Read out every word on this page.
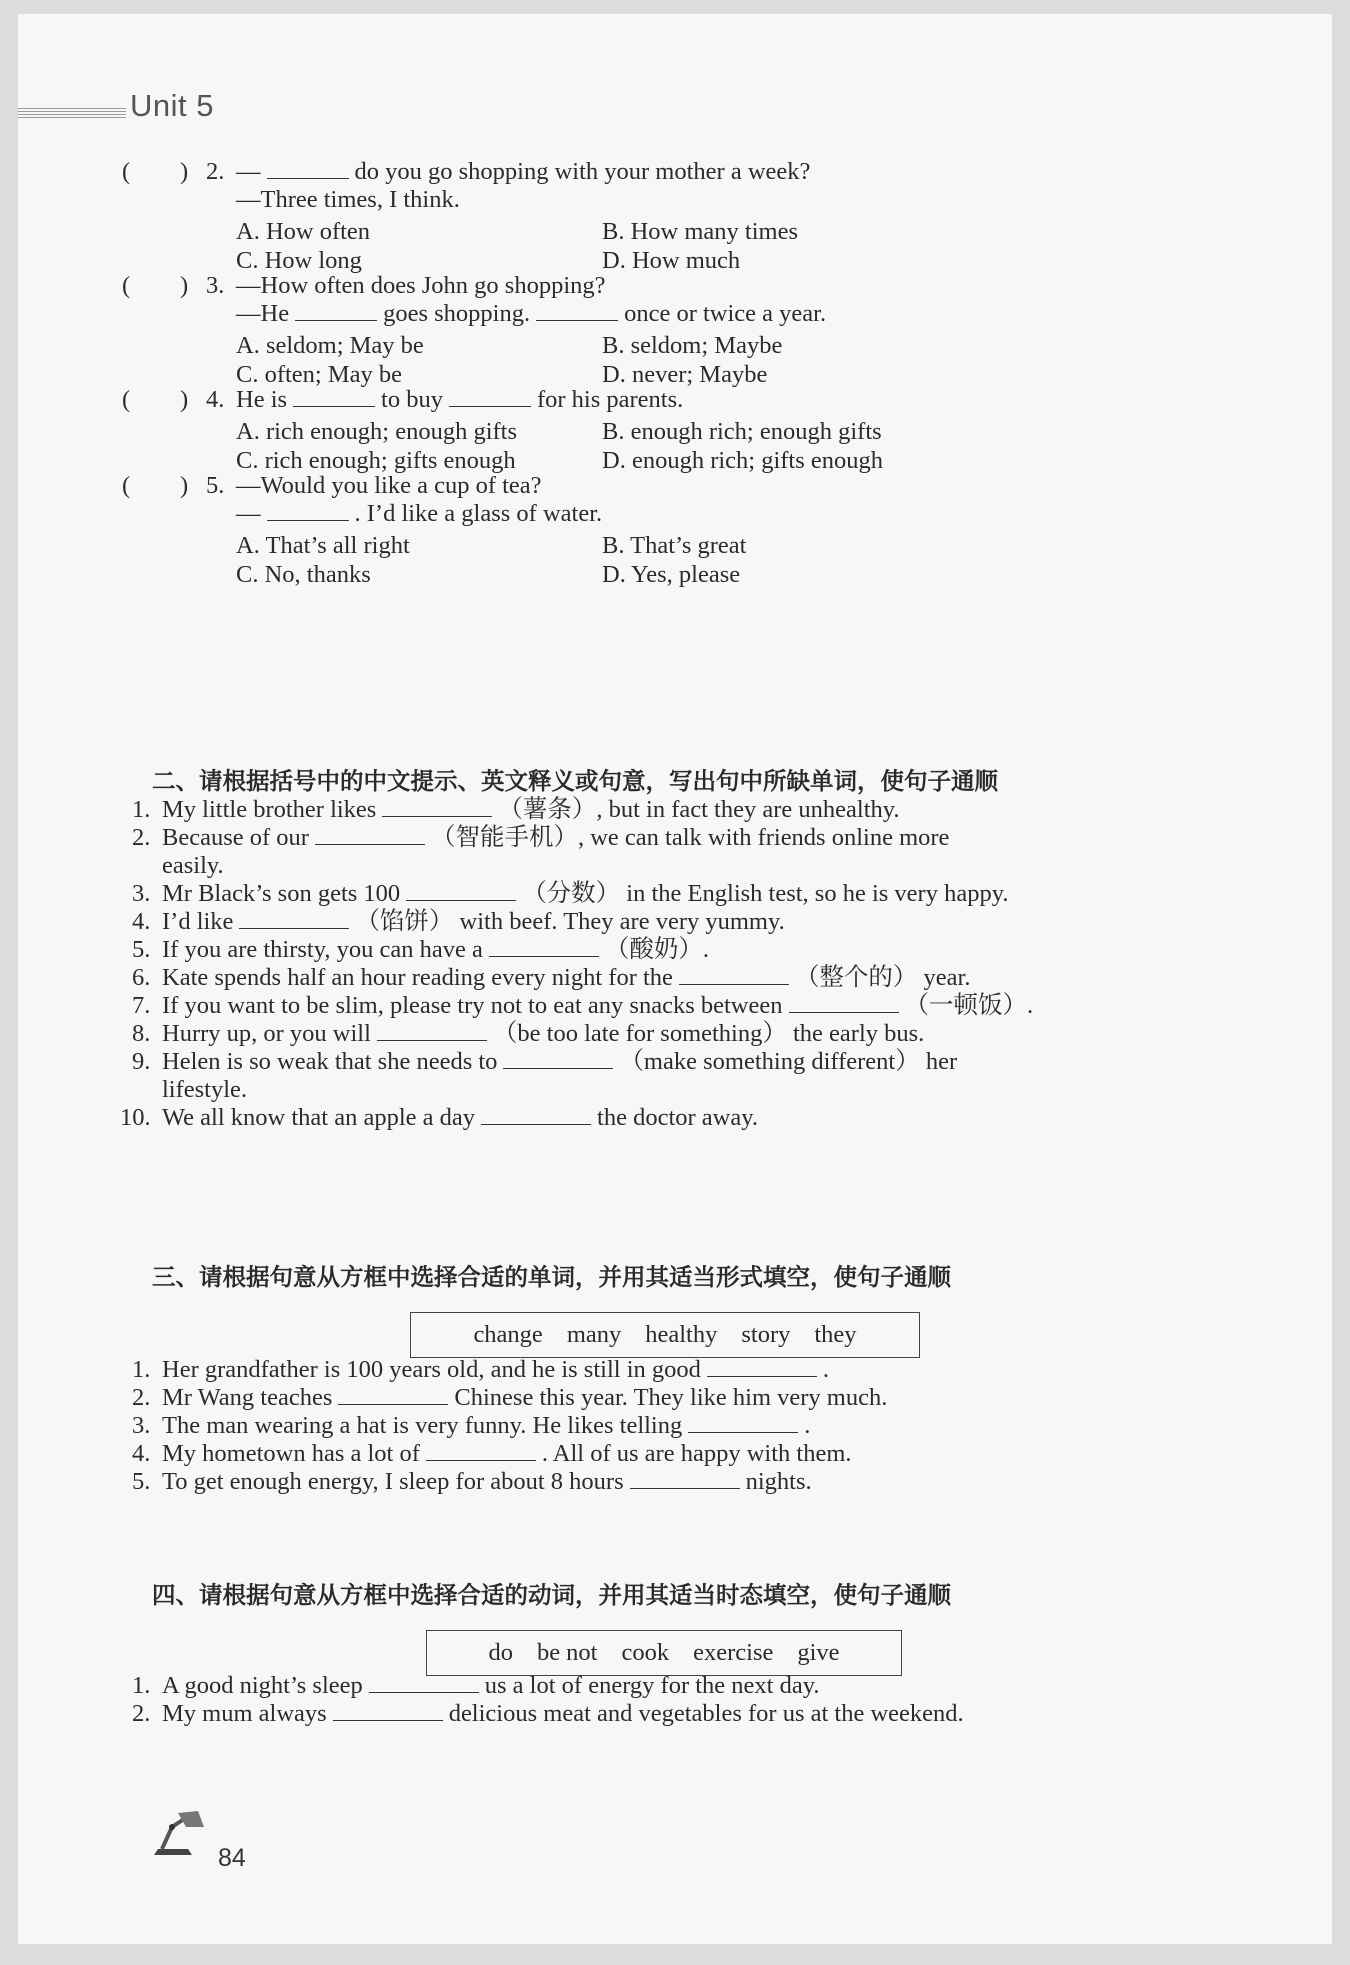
Unit 5
( ) 2. —	do you go shopping with your mother a week?
—Three times, I think.
A. How often	B. How many times
C. How long	D. How much
( ) 3. —How often does John go shopping?
—He	goes shopping.	once or twice a year.
A. seldom; May be	B. seldom; Maybe
C. often; May be	D. never; Maybe
( ) 4. He is	to buy	for his parents.
A. rich enough; enough gifts	B. enough rich; enough gifts
C. rich enough; gifts enough	D. enough rich; gifts enough
( ) 5. —Would you like a cup of tea?
—	. I’d like a glass of water.
A. That’s all right	B. That’s great
C. No, thanks	D. Yes, please
二、请根据括号中的中文提示、英文释义或句意，写出句中所缺单词，使句子通顺
1. My little brother likes	（薯条）, but in fact they are unhealthy.
2. Because of our	（智能手机）, we can talk with friends online more
easily.
3. Mr Black’s son gets 100	（分数） in the English test, so he is very happy.
4. I’d like	（馅饼） with beef. They are very yummy.
5. If you are thirsty, you can have a	（酸奶）.
6. Kate spends half an hour reading every night for the	（整个的） year.
7. If you want to be slim, please try not to eat any snacks between	（一顿饭）.
8. Hurry up, or you will	（be too late for something） the early bus.
9. Helen is so weak that she needs to	（make something different） her
lifestyle.
10. We all know that an apple a day	the doctor away.
三、请根据句意从方框中选择合适的单词，并用其适当形式填空，使句子通顺
change many healthy story they
1. Her grandfather is 100 years old, and he is still in good	.
2. Mr Wang teaches	Chinese this year. They like him very much.
3. The man wearing a hat is very funny. He likes telling	.
4. My hometown has a lot of	. All of us are happy with them.
5. To get enough energy, I sleep for about 8 hours	nights.
四、请根据句意从方框中选择合适的动词，并用其适当时态填空，使句子通顺
do be not cook exercise give
1. A good night’s sleep	us a lot of energy for the next day.
2. My mum always	delicious meat and vegetables for us at the weekend.
84
